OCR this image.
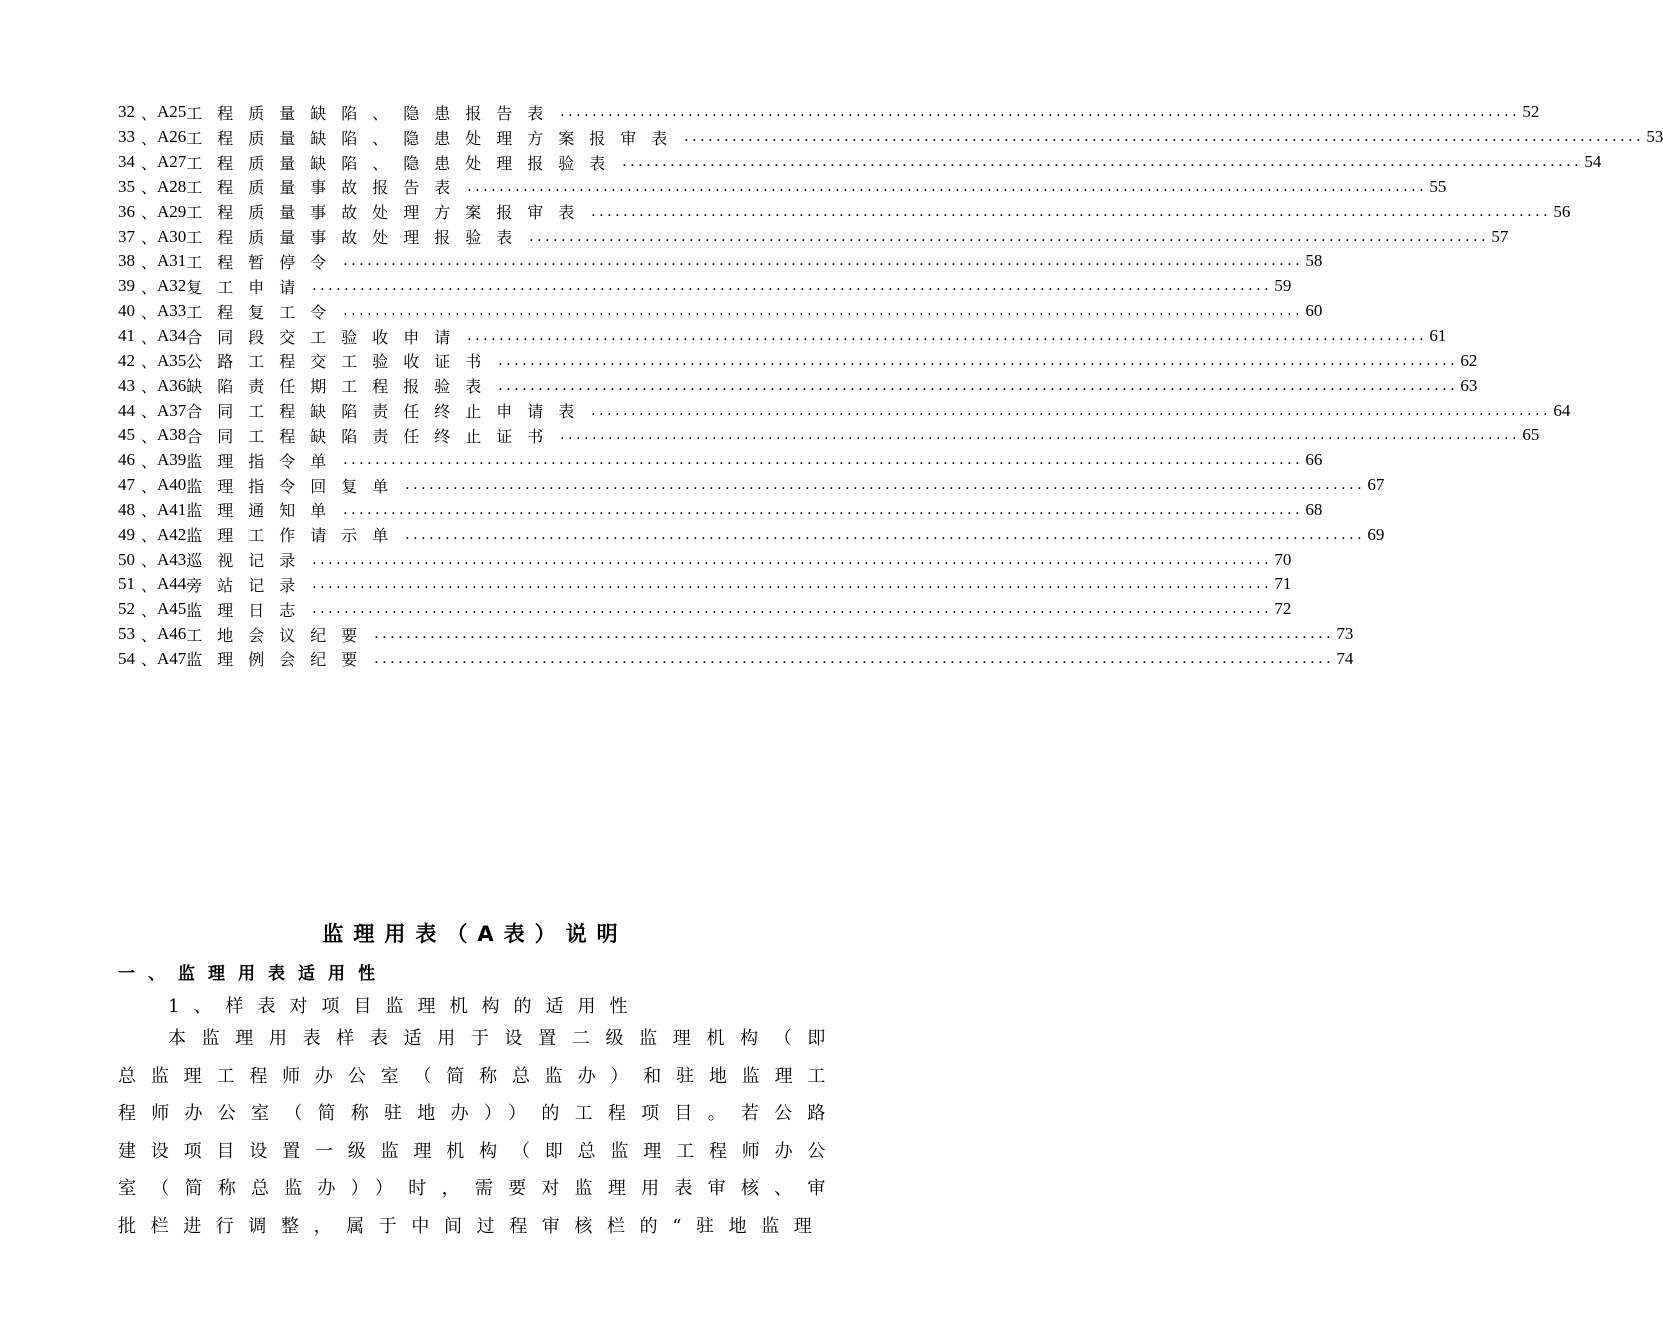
32 、 A25 工程质量缺陷、隐患报告表 ........................................................................................................................ 52
33 、 A26 工程质量缺陷、隐患处理方案报审表 ........................................................................................................................ 53
34 、 A27 工程质量缺陷、隐患处理报验表 ........................................................................................................................ 54
35 、 A28 工程质量事故报告表 ........................................................................................................................ 55
36 、 A29 工程质量事故处理方案报审表 ........................................................................................................................ 56
37 、 A30 工程质量事故处理报验表 ........................................................................................................................ 57
38 、 A31 工程暂停令 ........................................................................................................................ 58
39 、 A32 复工申请 ........................................................................................................................ 59
40 、 A33 工程复工令 ........................................................................................................................ 60
41 、 A34 合同段交工验收申请 ........................................................................................................................ 61
42 、 A35 公路工程交工验收证书 ........................................................................................................................ 62
43 、 A36 缺陷责任期工程报验表 ........................................................................................................................ 63
44 、 A37 合同工程缺陷责任终止申请表 ........................................................................................................................ 64
45 、 A38 合同工程缺陷责任终止证书 ........................................................................................................................ 65
46 、 A39 监理指令单 ........................................................................................................................ 66
47 、 A40 监理指令回复单 ........................................................................................................................ 67
48 、 A41 监理通知单 ........................................................................................................................ 68
49 、 A42 监理工作请示单 ........................................................................................................................ 69
50 、 A43 巡视记录 ........................................................................................................................ 70
51 、 A44 旁站记录 ........................................................................................................................ 71
52 、 A45 监理日志 ........................................................................................................................ 72
53 、 A46 工地会议纪要 ........................................................................................................................ 73
54 、 A47 监理例会纪要 ........................................................................................................................ 74
监理用表（A表）说明
一、监理用表适用性
1、样表对项目监理机构的适用性
本监理用表样表适用于设置二级监理机构（即总监理工程师办公室（简称总监办）和驻地监理工程师办公室（简称驻地办））的工程项目。若公路建设项目设置一级监理机构（即总监理工程师办公室（简称总监办））时，需要对监理用表审核、审批栏进行调整，属于中间过程审核栏的“驻地监理
